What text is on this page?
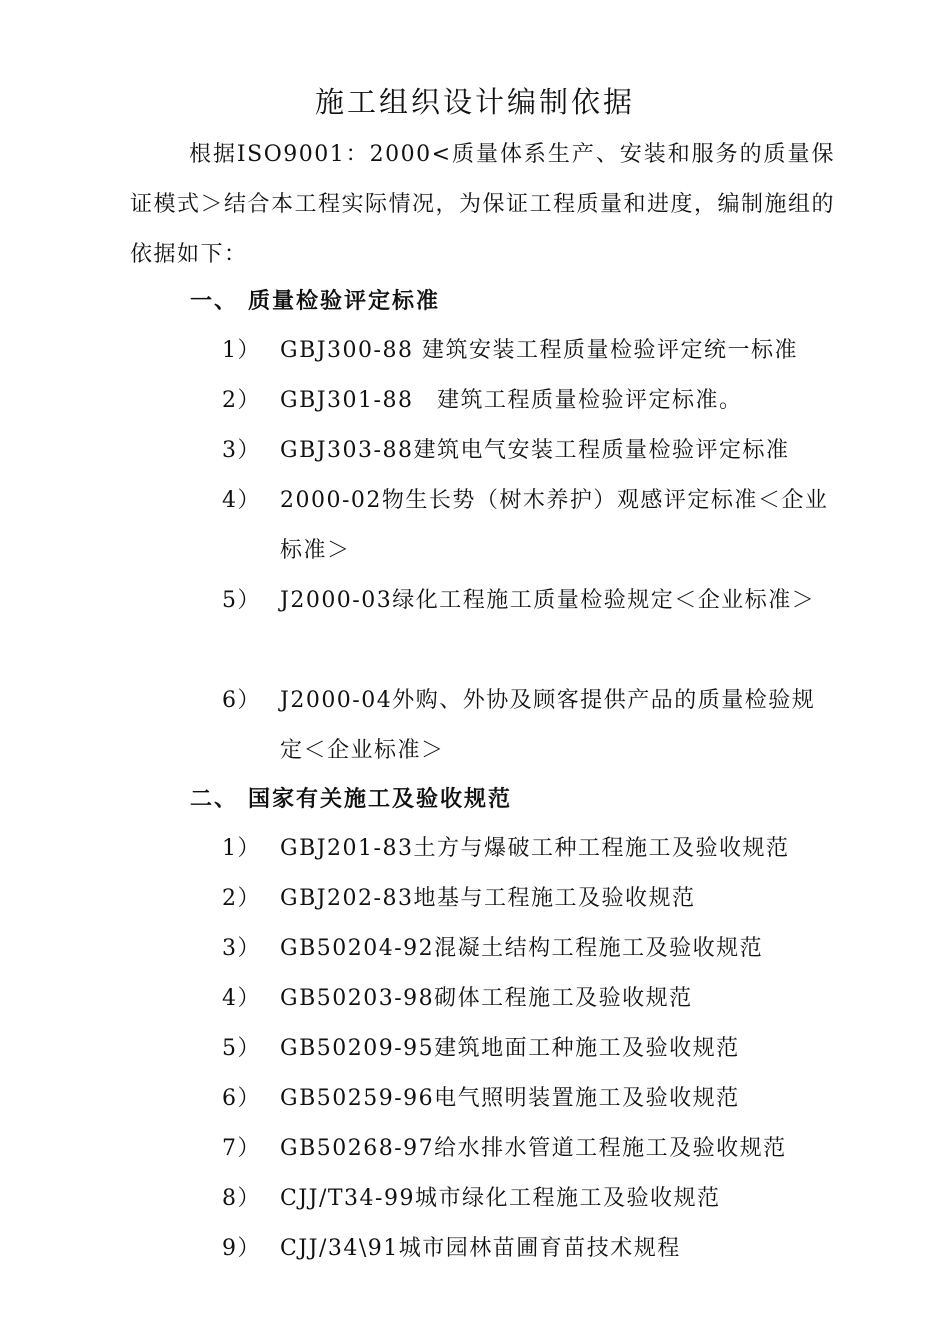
施工组织设计编制依据
根据ISO9001：2000<质量体系生产、安装和服务的质量保证模式＞结合本工程实际情况，为保证工程质量和进度，编制施组的依据如下：
一、 质量检验评定标准
1） GBJ300-88 建筑安装工程质量检验评定统一标准
2） GBJ301-88　建筑工程质量检验评定标准。
3） GBJ303-88建筑电气安装工程质量检验评定标准
4） 2000-02物生长势（树木养护）观感评定标准＜企业标准＞
5） J2000-03绿化工程施工质量检验规定＜企业标准＞
6） J2000-04外购、外协及顾客提供产品的质量检验规定＜企业标准＞
二、 国家有关施工及验收规范
1） GBJ201-83土方与爆破工种工程施工及验收规范
2） GBJ202-83地基与工程施工及验收规范
3） GB50204-92混凝土结构工程施工及验收规范
4） GB50203-98砌体工程施工及验收规范
5） GB50209-95建筑地面工种施工及验收规范
6） GB50259-96电气照明装置施工及验收规范
7） GB50268-97给水排水管道工程施工及验收规范
8） CJJ/T34-99城市绿化工程施工及验收规范
9） CJJ/34\91城市园林苗圃育苗技术规程
